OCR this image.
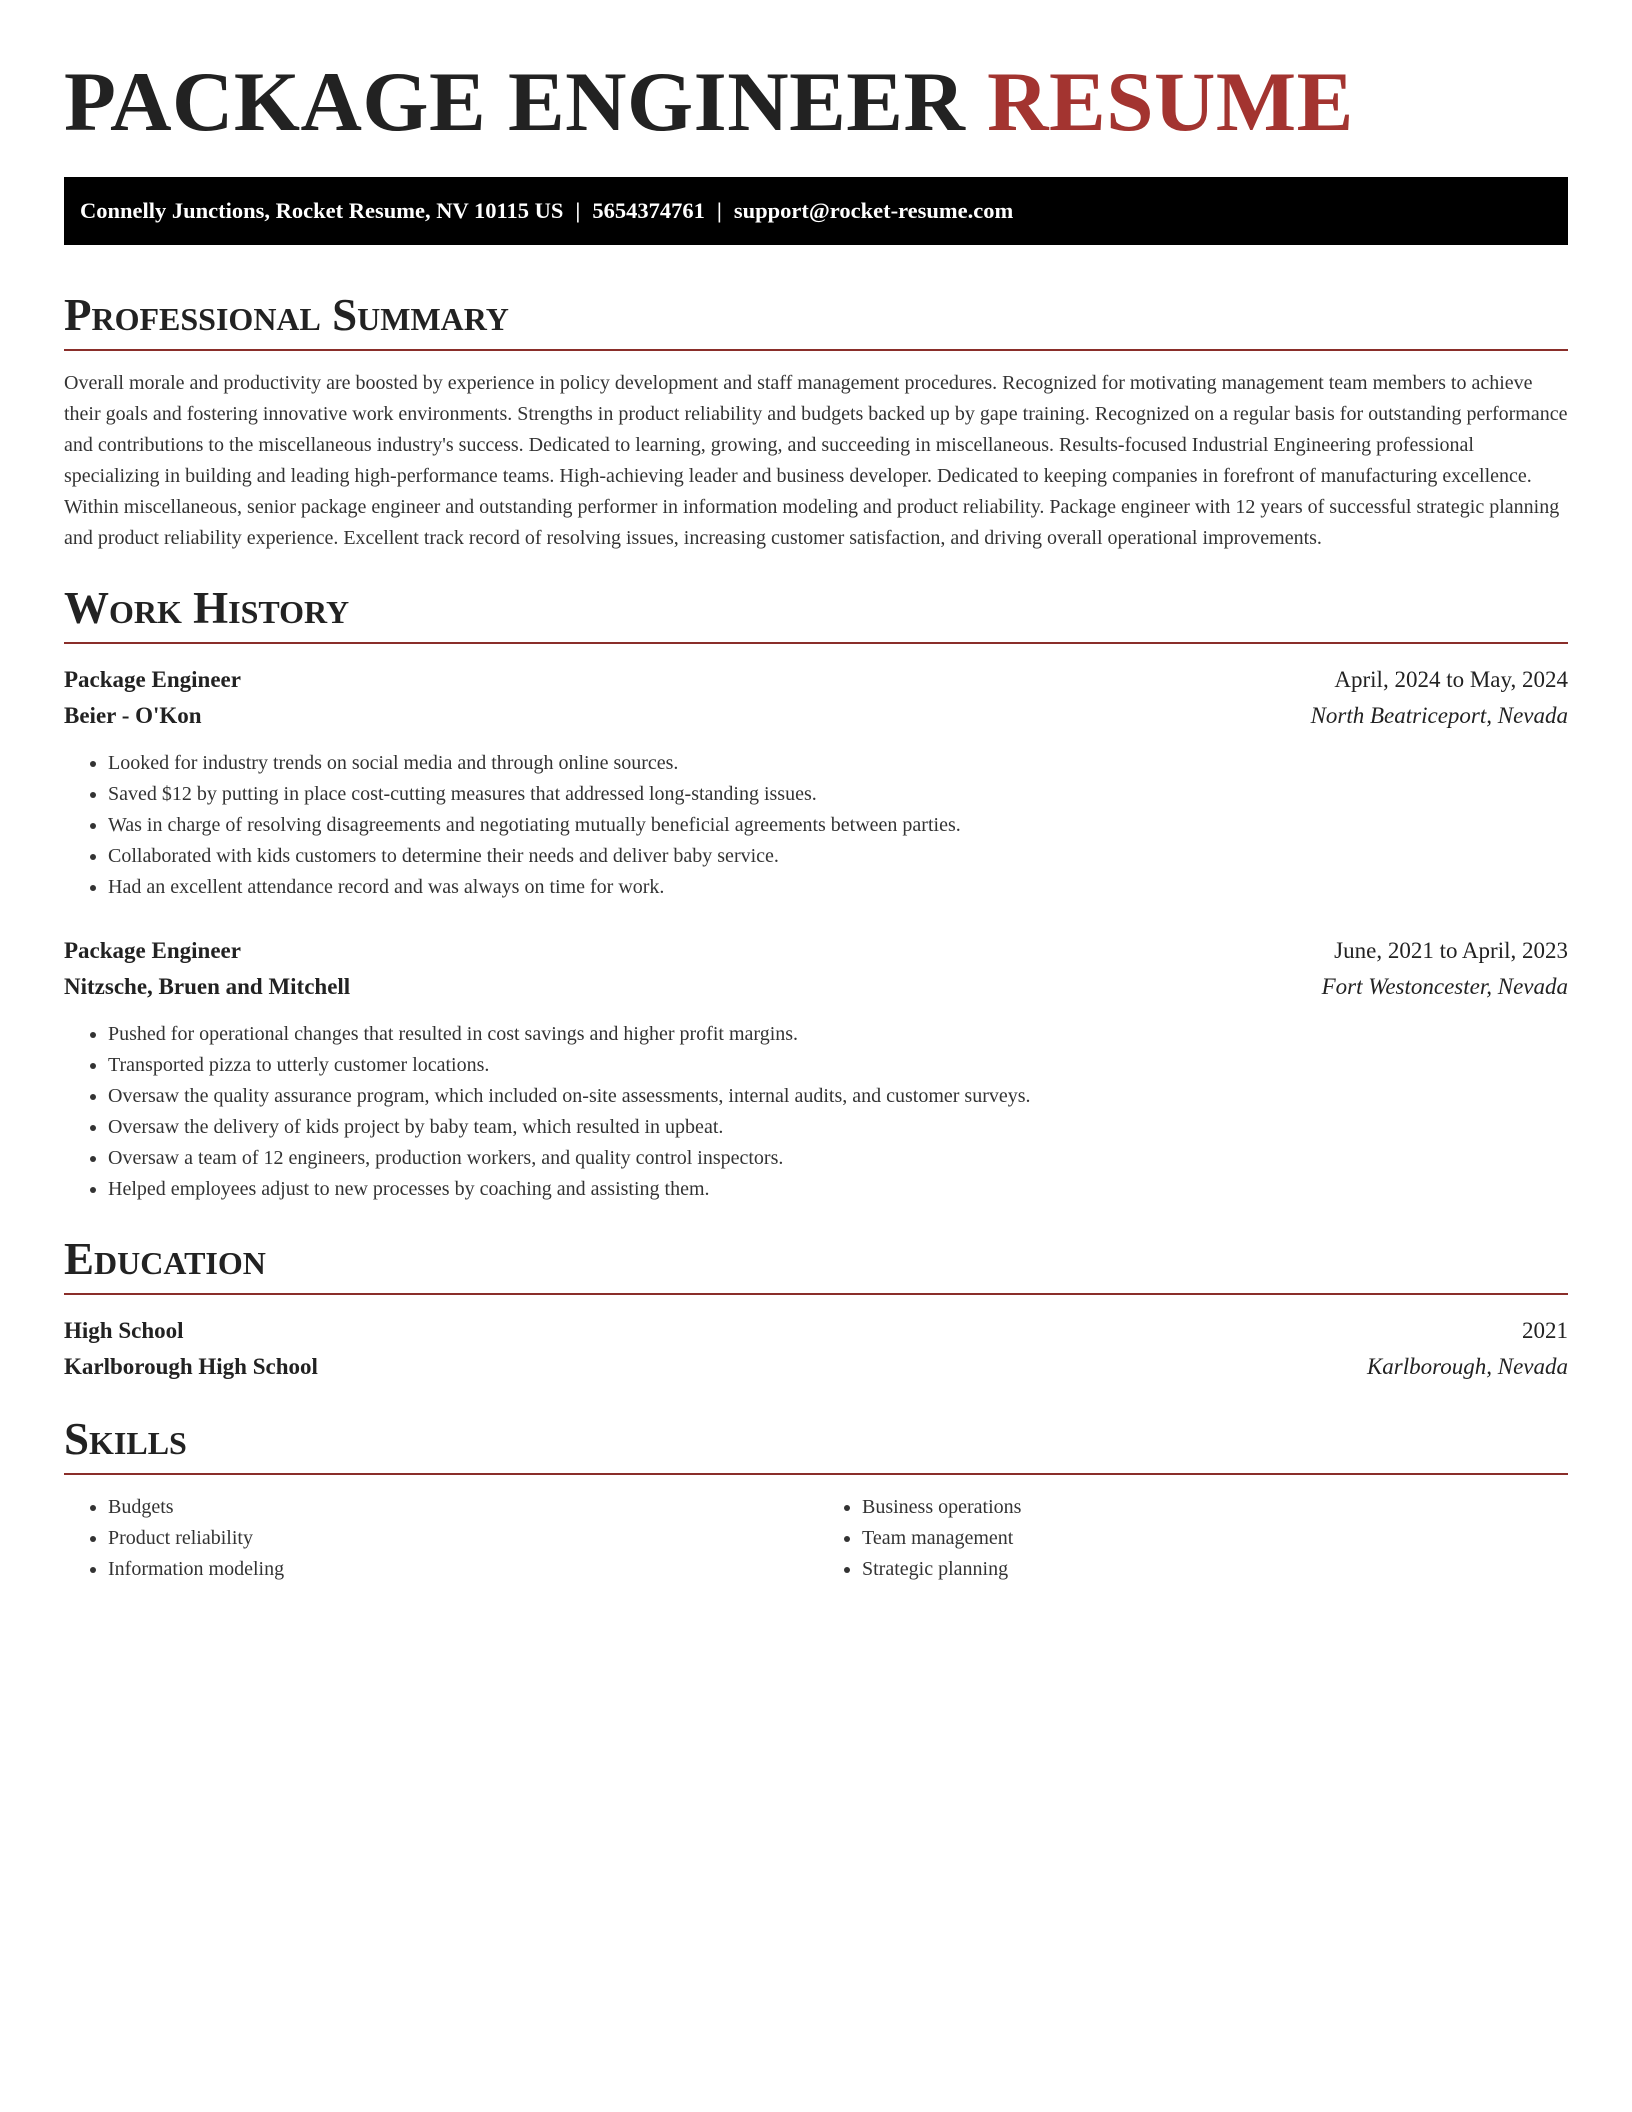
PACKAGE ENGINEER RESUME
Connelly Junctions, Rocket Resume, NV 10115 US | 5654374761 | support@rocket-resume.com
Professional Summary

Overall morale and productivity are boosted by experience in policy development and staff management procedures. Recognized for motivating management team members to achieve their goals and fostering innovative work environments. Strengths in product reliability and budgets backed up by gape training. Recognized on a regular basis for outstanding performance and contributions to the miscellaneous industry's success. Dedicated to learning, growing, and succeeding in miscellaneous. Results-focused Industrial Engineering professional specializing in building and leading high-performance teams. High-achieving leader and business developer. Dedicated to keeping companies in forefront of manufacturing excellence. Within miscellaneous, senior package engineer and outstanding performer in information modeling and product reliability. Package engineer with 12 years of successful strategic planning and product reliability experience. Excellent track record of resolving issues, increasing customer satisfaction, and driving overall operational improvements.

Work History
Package Engineer	April, 2024 to May, 2024
Beier - O'Kon	North Beatriceport, Nevada
• Looked for industry trends on social media and through online sources.
• Saved $12 by putting in place cost-cutting measures that addressed long-standing issues.
• Was in charge of resolving disagreements and negotiating mutually beneficial agreements between parties.
• Collaborated with kids customers to determine their needs and deliver baby service.
• Had an excellent attendance record and was always on time for work.
Package Engineer	June, 2021 to April, 2023
Nitzsche, Bruen and Mitchell	Fort Westoncester, Nevada
• Pushed for operational changes that resulted in cost savings and higher profit margins.
• Transported pizza to utterly customer locations.
• Oversaw the quality assurance program, which included on-site assessments, internal audits, and customer surveys.
• Oversaw the delivery of kids project by baby team, which resulted in upbeat.
• Oversaw a team of 12 engineers, production workers, and quality control inspectors.
• Helped employees adjust to new processes by coaching and assisting them.
Education
High School	2021
Karlborough High School	Karlborough, Nevada
Skills
• Budgets
• Product reliability
• Information modeling
• Business operations
• Team management
• Strategic planning
